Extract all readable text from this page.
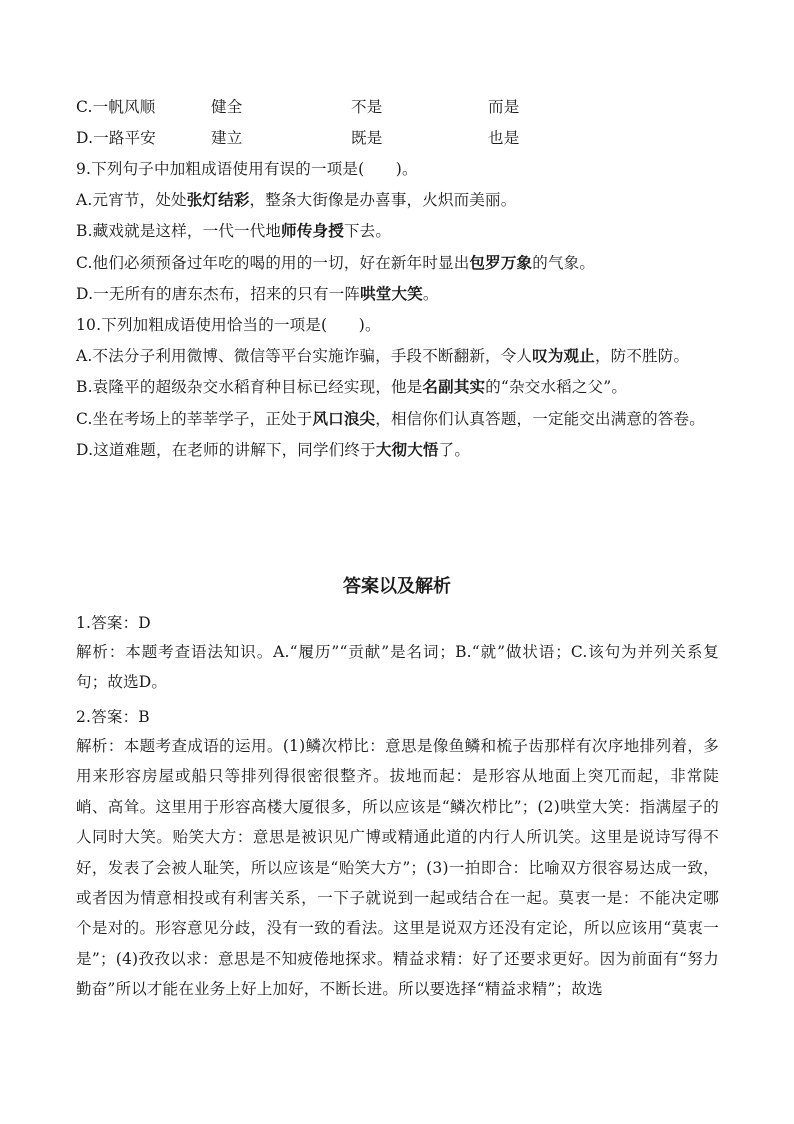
C.一帆风顺	健全	不是	而是
D.一路平安	建立	既是	也是
9.下列句子中加粗成语使用有误的一项是(　　)。
A.元宵节，处处张灯结彩，整条大街像是办喜事，火炽而美丽。
B.藏戏就是这样，一代一代地师传身授下去。
C.他们必须预备过年吃的喝的用的一切，好在新年时显出包罗万象的气象。
D.一无所有的唐东杰布，招来的只有一阵哄堂大笑。
10.下列加粗成语使用恰当的一项是(　　)。
A.不法分子利用微博、微信等平台实施诈骗，手段不断翻新，令人叹为观止，防不胜防。
B.袁隆平的超级杂交水稻育种目标已经实现，他是名副其实的“杂交水稻之父”。
C.坐在考场上的莘莘学子，正处于风口浪尖，相信你们认真答题，一定能交出满意的答卷。
D.这道难题，在老师的讲解下，同学们终于大彻大悟了。
答案以及解析
1.答案：D
解析：本题考查语法知识。A.“履历”“贡献”是名词；B.“就”做状语；C.该句为并列关系复句；故选D。
2.答案：B
解析：本题考查成语的运用。(1)鳞次栉比：意思是像鱼鳞和梳子齿那样有次序地排列着，多用来形容房屋或船只等排列得很密很整齐。拔地而起：是形容从地面上突兀而起，非常陡峭、高耸。这里用于形容高楼大厦很多，所以应该是“鳞次栉比”；(2)哄堂大笑：指满屋子的人同时大笑。贻笑大方：意思是被识见广博或精通此道的内行人所讥笑。这里是说诗写得不好，发表了会被人耻笑，所以应该是“贻笑大方”；(3)一拍即合：比喻双方很容易达成一致，或者因为情意相投或有利害关系，一下子就说到一起或结合在一起。莫衷一是：不能决定哪个是对的。形容意见分歧，没有一致的看法。这里是说双方还没有定论，所以应该用“莫衷一是”；(4)孜孜以求：意思是不知疲倦地探求。精益求精：好了还要求更好。因为前面有“努力勤奋”所以才能在业务上好上加好，不断长进。所以要选择“精益求精”；故选
